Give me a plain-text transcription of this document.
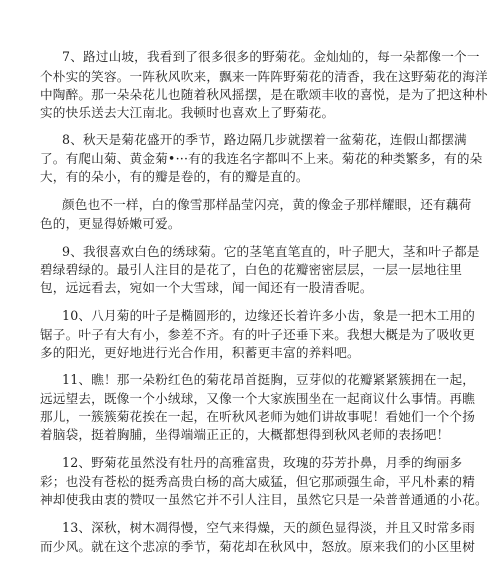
7、路过山坡，我看到了很多很多的野菊花。金灿灿的，每一朵都像一个一
个朴实的笑容。一阵秋风吹来，飘来一阵阵野菊花的清香，我在这野菊花的海洋
中陶醉。那一朵朵花儿也随着秋风摇摆，是在歌颂丰收的喜悦，是为了把这种朴
实的快乐送去大江南北。我顿时也喜欢上了野菊花。
8、秋天是菊花盛开的季节，路边隔几步就摆着一盆菊花，连假山都摆满
了。有爬山菊、黄金菊•···有的我连名字都叫不上来。菊花的种类繁多，有的朵
大，有的朵小，有的瓣是卷的，有的瓣是直的。
颜色也不一样，白的像雪那样晶莹闪亮，黄的像金子那样耀眼，还有藕荷
色的，更显得娇嫩可爱。
9、我很喜欢白色的绣球菊。它的茎笔直笔直的，叶子肥大，茎和叶子都是
碧绿碧绿的。最引人注目的是花了，白色的花瓣密密层层，一层一层地往里
包，远远看去，宛如一个大雪球，闻一闻还有一股清香呢。
10、八月菊的叶子是椭圆形的，边缘还长着许多小齿，象是一把木工用的
锯子。叶子有大有小，参差不齐。有的叶子还垂下来。我想大概是为了吸收更
多的阳光，更好地进行光合作用，积蓄更丰富的养料吧。
11、瞧！那一朵粉红色的菊花昂首挺胸，豆芽似的花瓣紧紧簇拥在一起，
远远望去，既像一个小绒球，又像一个大家族围坐在一起商议什么事情。再瞧
那儿，一簇簇菊花挨在一起，在听秋风老师为她们讲故事呢！看她们一个个扬
着脑袋，挺着胸脯，坐得端端正正的，大概都想得到秋风老师的表扬吧！
12、野菊花虽然没有牡丹的高雅富贵，玫瑰的芬芳扑鼻，月季的绚丽多
彩；也没有苍松的挺秀高贵白杨的高大威猛，但它那顽强生命，平凡朴素的精
神却使我由衷的赞叹一虽然它并不引人注目，虽然它只是一朵普普通通的小花。
13、深秋，树木凋得慢，空气来得燥，天的颜色显得淡，并且又时常多雨
而少风。就在这个悲凉的季节，菊花却在秋风中，怒放。原来我们的小区里树
